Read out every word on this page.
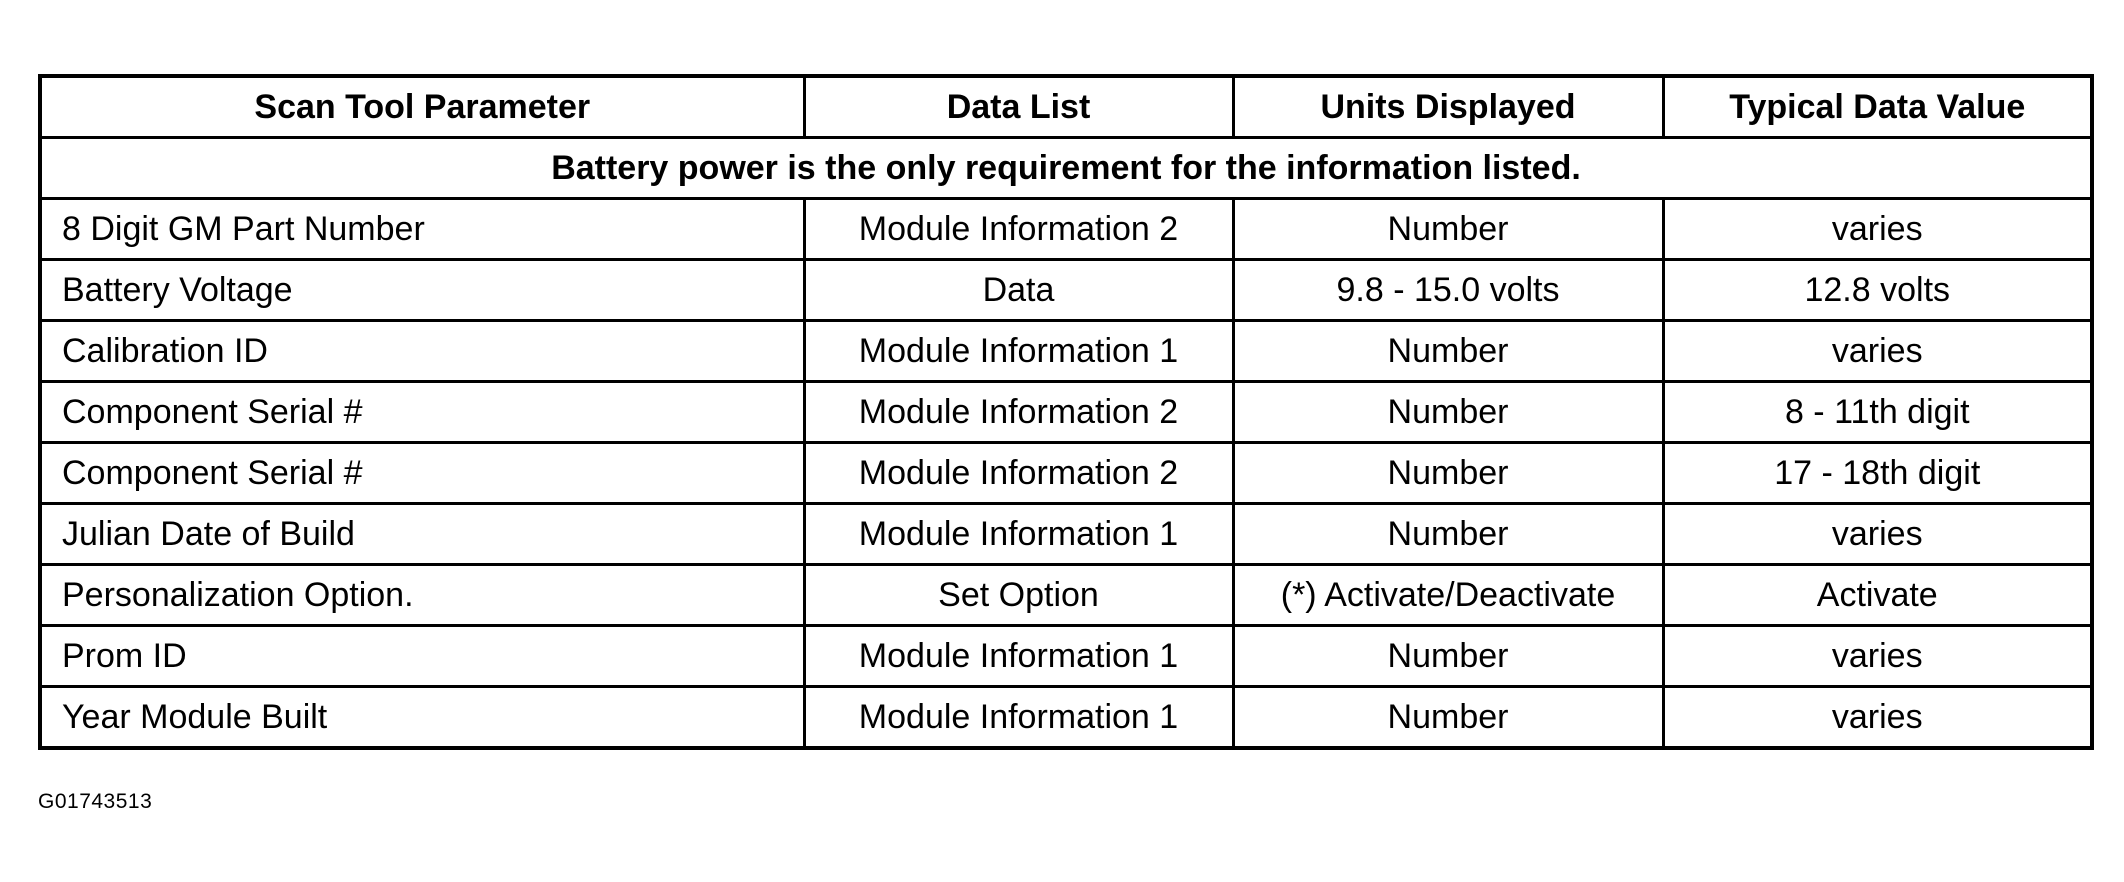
Scan Tool Parameter	Data List	Units Displayed	Typical Data Value
Battery power is the only requirement for the information listed.			
8 Digit GM Part Number	Module Information 2	Number	varies
Battery Voltage	Data	9.8 - 15.0 volts	12.8 volts
Calibration ID	Module Information 1	Number	varies
Component Serial #	Module Information 2	Number	8 - 11th digit
Component Serial #	Module Information 2	Number	17 - 18th digit
Julian Date of Build	Module Information 1	Number	varies
Personalization Option.	Set Option	(*) Activate/Deactivate	Activate
Prom ID	Module Information 1	Number	varies
Year Module Built	Module Information 1	Number	varies
G01743513
